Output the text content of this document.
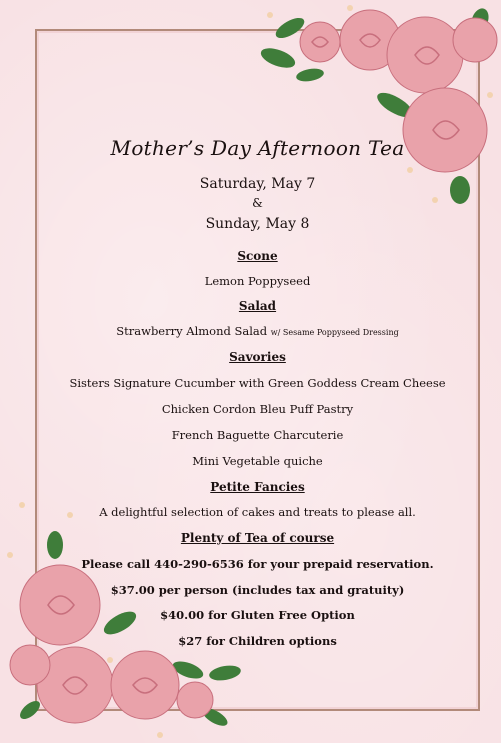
Mother’s Day Afternoon Tea
Saturday, May 7
&
Sunday, May 8
Scone
Lemon Poppyseed
Salad
Strawberry Almond Salad w/ Sesame Poppyseed Dressing
Savories
Sisters Signature Cucumber with Green Goddess Cream Cheese
Chicken Cordon Bleu Puff Pastry
French Baguette Charcuterie
Mini Vegetable quiche
Petite Fancies
A delightful selection of cakes and treats to please all.
Plenty of Tea of course
Please call 440-290-6536 for your prepaid reservation.
$37.00 per person (includes tax and gratuity)
$40.00 for Gluten Free Option
$27 for Children options
